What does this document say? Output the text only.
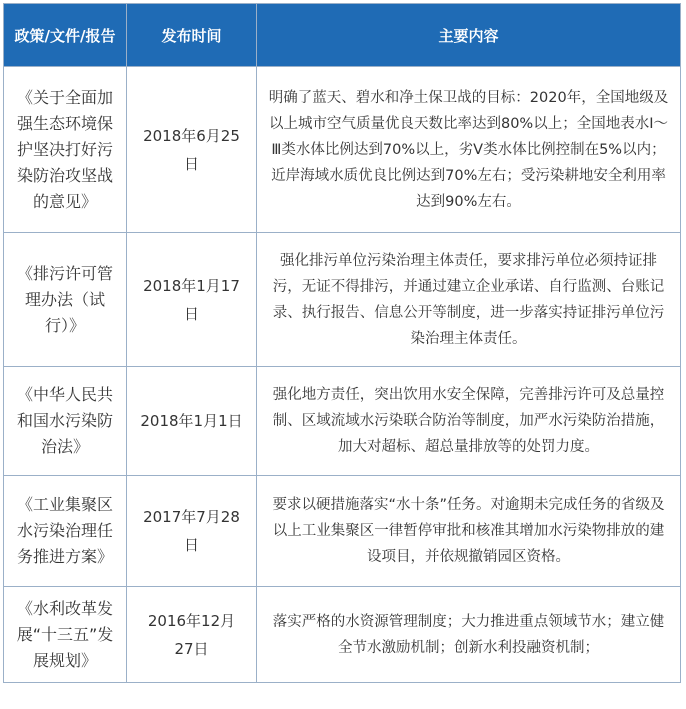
政策/文件/报告	发布时间	主要内容
《关于全面加强生态环境保护坚决打好污染防治攻坚战的意见》	2018年6月25日	明确了蓝天、碧水和净土保卫战的目标：2020年，全国地级及以上城市空气质量优良天数比率达到80%以上；全国地表水Ⅰ～Ⅲ类水体比例达到70%以上，劣Ⅴ类水体比例控制在5%以内；近岸海域水质优良比例达到70%左右；受污染耕地安全利用率达到90%左右。
《排污许可管理办法（试行）》	2018年1月17日	强化排污单位污染治理主体责任，要求排污单位必须持证排污，无证不得排污，并通过建立企业承诺、自行监测、台账记录、执行报告、信息公开等制度，进一步落实持证排污单位污染治理主体责任。
《中华人民共和国水污染防治法》	2018年1月1日	强化地方责任，突出饮用水安全保障，完善排污许可及总量控制、区域流域水污染联合防治等制度，加严水污染防治措施，加大对超标、超总量排放等的处罚力度。
《工业集聚区水污染治理任务推进方案》	2017年7月28日	要求以硬措施落实“水十条”任务。对逾期未完成任务的省级及以上工业集聚区一律暂停审批和核准其增加水污染物排放的建设项目，并依规撤销园区资格。
《水利改革发展“十三五”发展规划》	2016年12月27日	落实严格的水资源管理制度；大力推进重点领域节水；建立健全节水激励机制；创新水利投融资机制；
